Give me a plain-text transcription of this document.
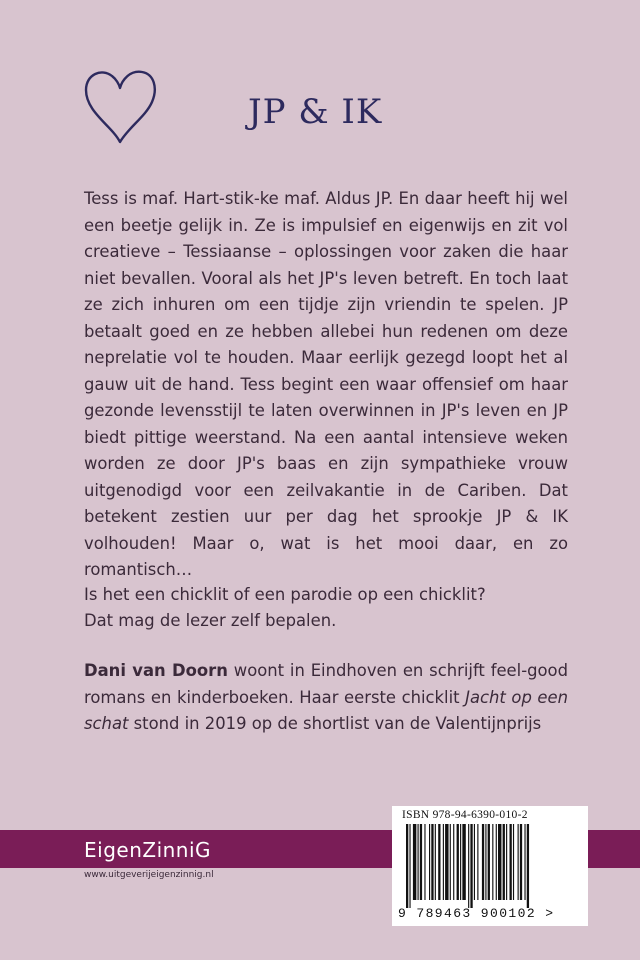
JP & IK

Tess is maf. Hart-stik-ke maf. Aldus JP. En daar heeft hij wel een beetje gelijk in. Ze is impulsief en eigenwijs en zit vol creatieve – Tessiaanse – oplossingen voor zaken die haar niet bevallen. Vooral als het JP's leven betreft. En toch laat ze zich inhuren om een tijdje zijn vriendin te spelen. JP betaalt goed en ze hebben allebei hun redenen om deze neprelatie vol te houden. Maar eerlijk gezegd loopt het al gauw uit de hand. Tess begint een waar offensief om haar gezonde levensstijl te laten overwinnen in JP's leven en JP biedt pittige weerstand. Na een aantal intensieve weken worden ze door JP's baas en zijn sympathieke vrouw uitgenodigd voor een zeilvakantie in de Cariben. Dat betekent zestien uur per dag het sprookje JP & IK volhouden! Maar o, wat is het mooi daar, en zo romantisch…

Is het een chicklit of een parodie op een chicklit?
Dat mag de lezer zelf bepalen.

Dani van Doorn woont in Eindhoven en schrijft feel-good romans en kinderboeken. Haar eerste chicklit Jacht op een schat stond in 2019 op de shortlist van de Valentijnprijs

EigenZinniG
www.uitgeverijeigenzinnig.nl
ISBN 978-94-6390-010-2
9 789463 900102 >
